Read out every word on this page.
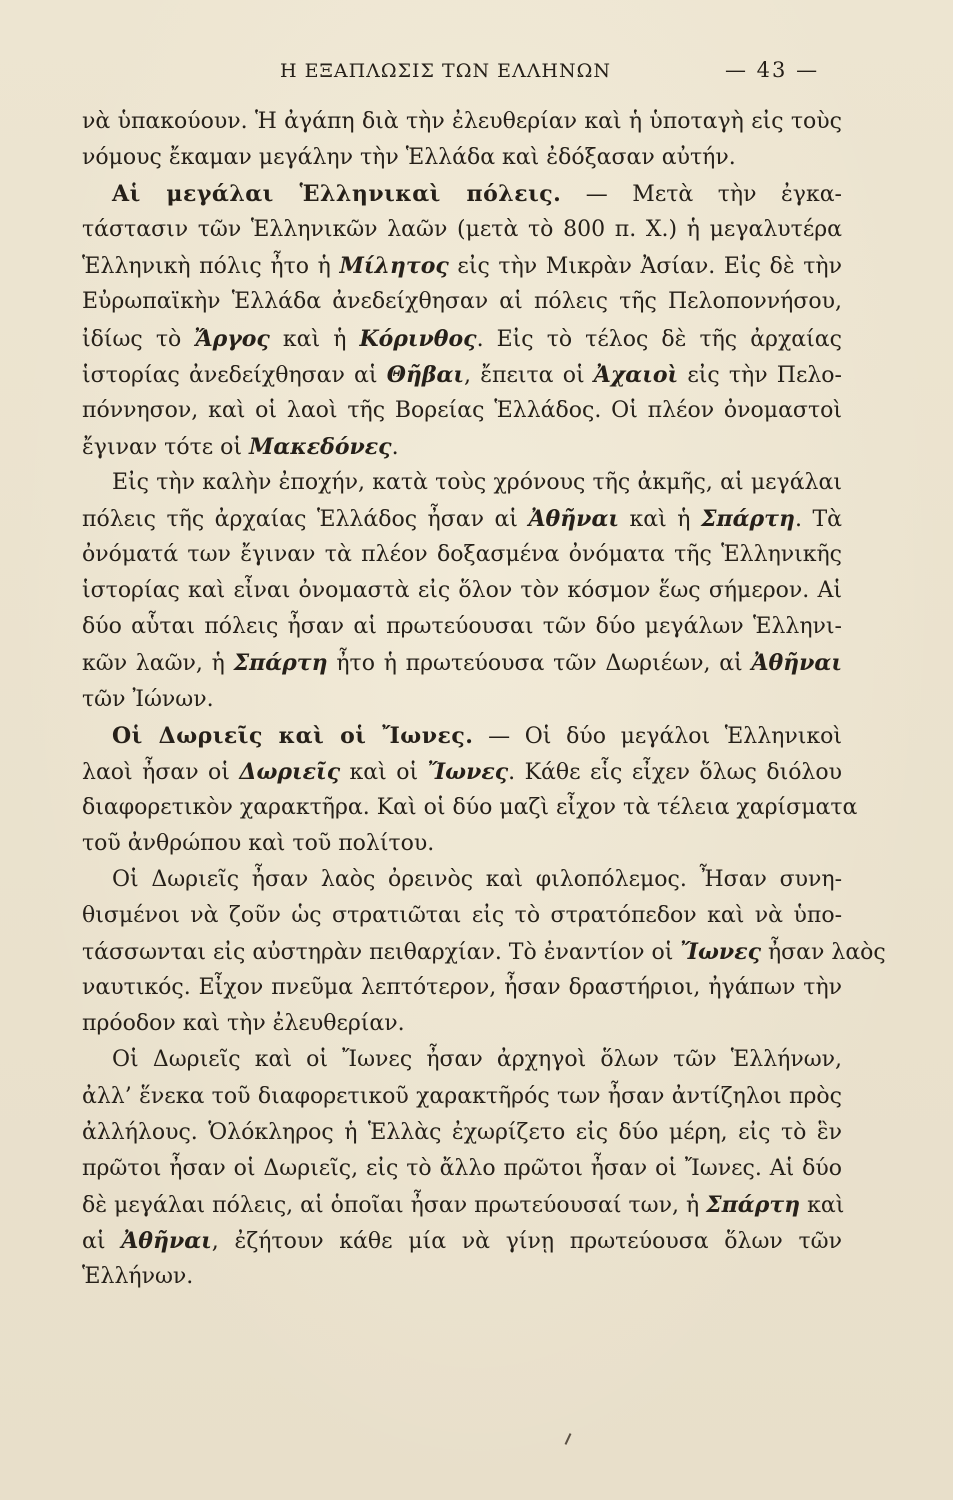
Η ΕΞΑΠΛΩΣΙΣ ΤΩΝ ΕΛΛΗΝΩΝ	— 43 —
νὰ ὑπακούουν. Ἡ ἀγάπη διὰ τὴν ἐλευθερίαν καὶ ἡ ὑποταγὴ εἰς τοὺς
νόμους ἔκαμαν μεγάλην τὴν Ἑλλάδα καὶ ἐδόξασαν αὐτήν.
Αἱ μεγάλαι Ἑλληνικαὶ πόλεις. — Μετὰ τὴν ἐγκα-
τάστασιν τῶν Ἑλληνικῶν λαῶν (μετὰ τὸ 800 π. Χ.) ἡ μεγαλυτέρα
Ἑλληνικὴ πόλις ἦτο ἡ Μίλητος εἰς τὴν Μικρὰν Ἀσίαν. Εἰς δὲ τὴν
Εὐρωπαϊκὴν Ἑλλάδα ἀνεδείχθησαν αἱ πόλεις τῆς Πελοποννήσου,
ἰδίως τὸ Ἄργος καὶ ἡ Κόρινθος. Εἰς τὸ τέλος δὲ τῆς ἀρχαίας
ἱστορίας ἀνεδείχθησαν αἱ Θῆβαι, ἔπειτα οἱ Ἀχαιοὶ εἰς τὴν Πελο-
πόννησον, καὶ οἱ λαοὶ τῆς Βορείας Ἑλλάδος. Οἱ πλέον ὀνομαστοὶ
ἔγιναν τότε οἱ Μακεδόνες.
Εἰς τὴν καλὴν ἐποχήν, κατὰ τοὺς χρόνους τῆς ἀκμῆς, αἱ μεγάλαι
πόλεις τῆς ἀρχαίας Ἑλλάδος ἦσαν αἱ Ἀθῆναι καὶ ἡ Σπάρτη. Τὰ
ὀνόματά των ἔγιναν τὰ πλέον δοξασμένα ὀνόματα τῆς Ἑλληνικῆς
ἱστορίας καὶ εἶναι ὀνομαστὰ εἰς ὅλον τὸν κόσμον ἕως σήμερον. Αἱ
δύο αὗται πόλεις ἦσαν αἱ πρωτεύουσαι τῶν δύο μεγάλων Ἑλληνι-
κῶν λαῶν, ἡ Σπάρτη ἦτο ἡ πρωτεύουσα τῶν Δωριέων, αἱ Ἀθῆναι
τῶν Ἰώνων.
Οἱ Δωριεῖς καὶ οἱ Ἴωνες. — Οἱ δύο μεγάλοι Ἑλληνικοὶ
λαοὶ ἦσαν οἱ Δωριεῖς καὶ οἱ Ἴωνες. Κάθε εἷς εἶχεν ὅλως διόλου
διαφορετικὸν χαρακτῆρα. Καὶ οἱ δύο μαζὶ εἶχον τὰ τέλεια χαρίσματα
τοῦ ἀνθρώπου καὶ τοῦ πολίτου.
Οἱ Δωριεῖς ἦσαν λαὸς ὀρεινὸς καὶ φιλοπόλεμος. Ἦσαν συνη-
θισμένοι νὰ ζοῦν ὡς στρατιῶται εἰς τὸ στρατόπεδον καὶ νὰ ὑπο-
τάσσωνται εἰς αὐστηρὰν πειθαρχίαν. Τὸ ἐναντίον οἱ Ἴωνες ἦσαν λαὸς
ναυτικός. Εἶχον πνεῦμα λεπτότερον, ἦσαν δραστήριοι, ἠγάπων τὴν
πρόοδον καὶ τὴν ἐλευθερίαν.
Οἱ Δωριεῖς καὶ οἱ Ἴωνες ἦσαν ἀρχηγοὶ ὅλων τῶν Ἑλλήνων,
ἀλλ’ ἕνεκα τοῦ διαφορετικοῦ χαρακτῆρός των ἦσαν ἀντίζηλοι πρὸς
ἀλλήλους. Ὁλόκληρος ἡ Ἑλλὰς ἐχωρίζετο εἰς δύο μέρη, εἰς τὸ ἓν
πρῶτοι ἦσαν οἱ Δωριεῖς, εἰς τὸ ἄλλο πρῶτοι ἦσαν οἱ Ἴωνες. Αἱ δύο
δὲ μεγάλαι πόλεις, αἱ ὁποῖαι ἦσαν πρωτεύουσαί των, ἡ Σπάρτη καὶ
αἱ Ἀθῆναι, ἐζήτουν κάθε μία νὰ γίνῃ πρωτεύουσα ὅλων τῶν
Ἑλλήνων.
